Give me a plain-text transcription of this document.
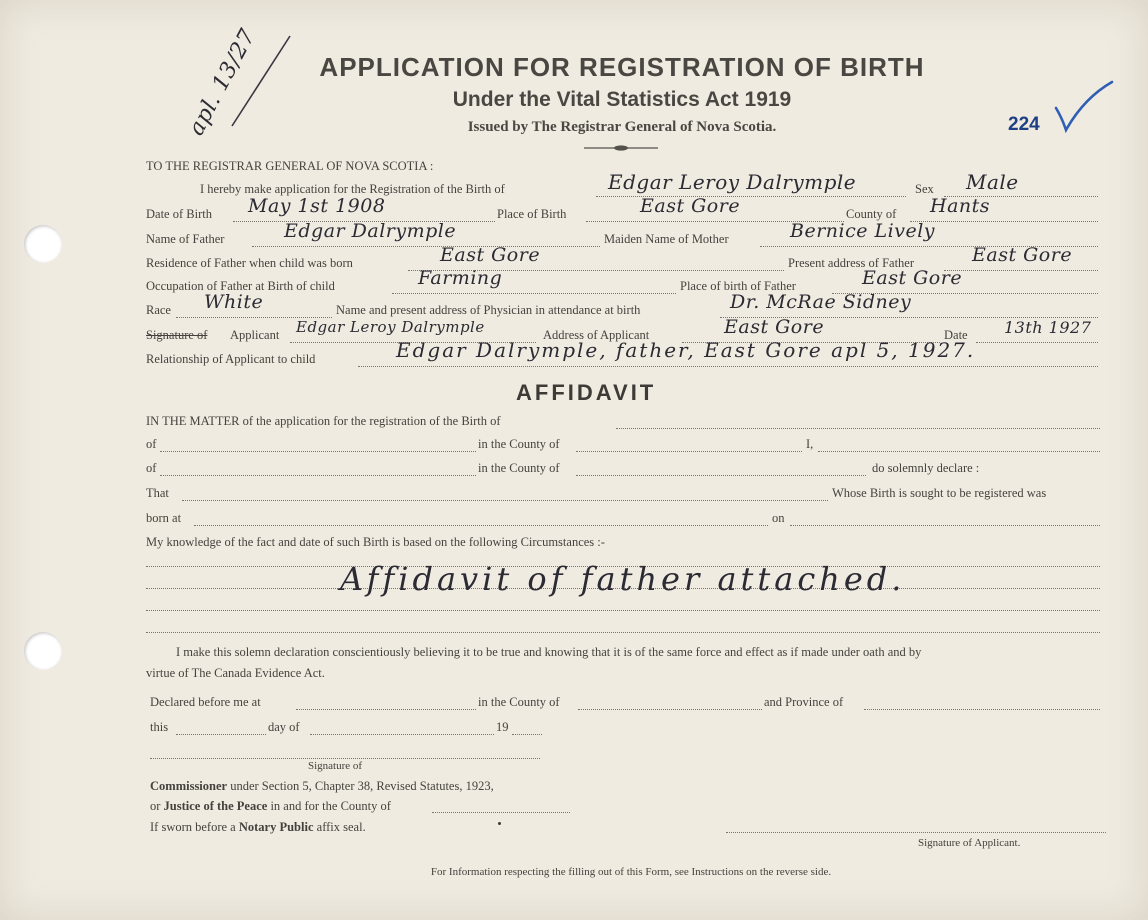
apl. 13/27	APPLICATION FOR REGISTRATION OF BIRTH
Under the Vital Statistics Act 1919
Issued by The Registrar General of Nova Scotia.	224
TO THE REGISTRAR GENERAL OF NOVA SCOTIA :
I hereby make application for the Registration of the Birth of	Edgar Leroy Dalrymple	Sex Male
Date of Birth May 1st 1908	Place of Birth	East Gore	County of Hants
Name of Father	Edgar Dalrymple	Maiden Name of Mother	Bernice Lively
Residence of Father when child was born	East Gore	Present address of Father	East Gore
Occupation of Father at Birth of child	Farming	Place of birth of Father	East Gore
Race White	Name and present address of Physician in attendance at birth	Dr. McRae Sidney
Signature of Applicant Edgar Leroy Dalrymple	Address of Applicant	East Gore	Date 13th 1927
Relationship of Applicant to child	Edgar Dalrymple, father, East Gore apl 5, 1927.
AFFIDAVIT
IN THE MATTER of the application for the registration of the Birth of
of	in the County of	I,
of	in the County of	do solemnly declare :
That	Whose Birth is sought to be registered was
born at	on
My knowledge of the fact and date of such Birth is based on the following Circumstances :-
Affidavit of father attached.
I make this solemn declaration conscientiously believing it to be true and knowing that it is of the same force and effect as if made under oath and by
virtue of The Canada Evidence Act.
Declared before me at	in the County of	and Province of
this	day of	19
Signature of
Commissioner under Section 5, Chapter 38, Revised Statutes, 1923,
or Justice of the Peace in and for the County of
If sworn before a Notary Public affix seal.
Signature of Applicant.
For Information respecting the filling out of this Form, see Instructions on the reverse side.
